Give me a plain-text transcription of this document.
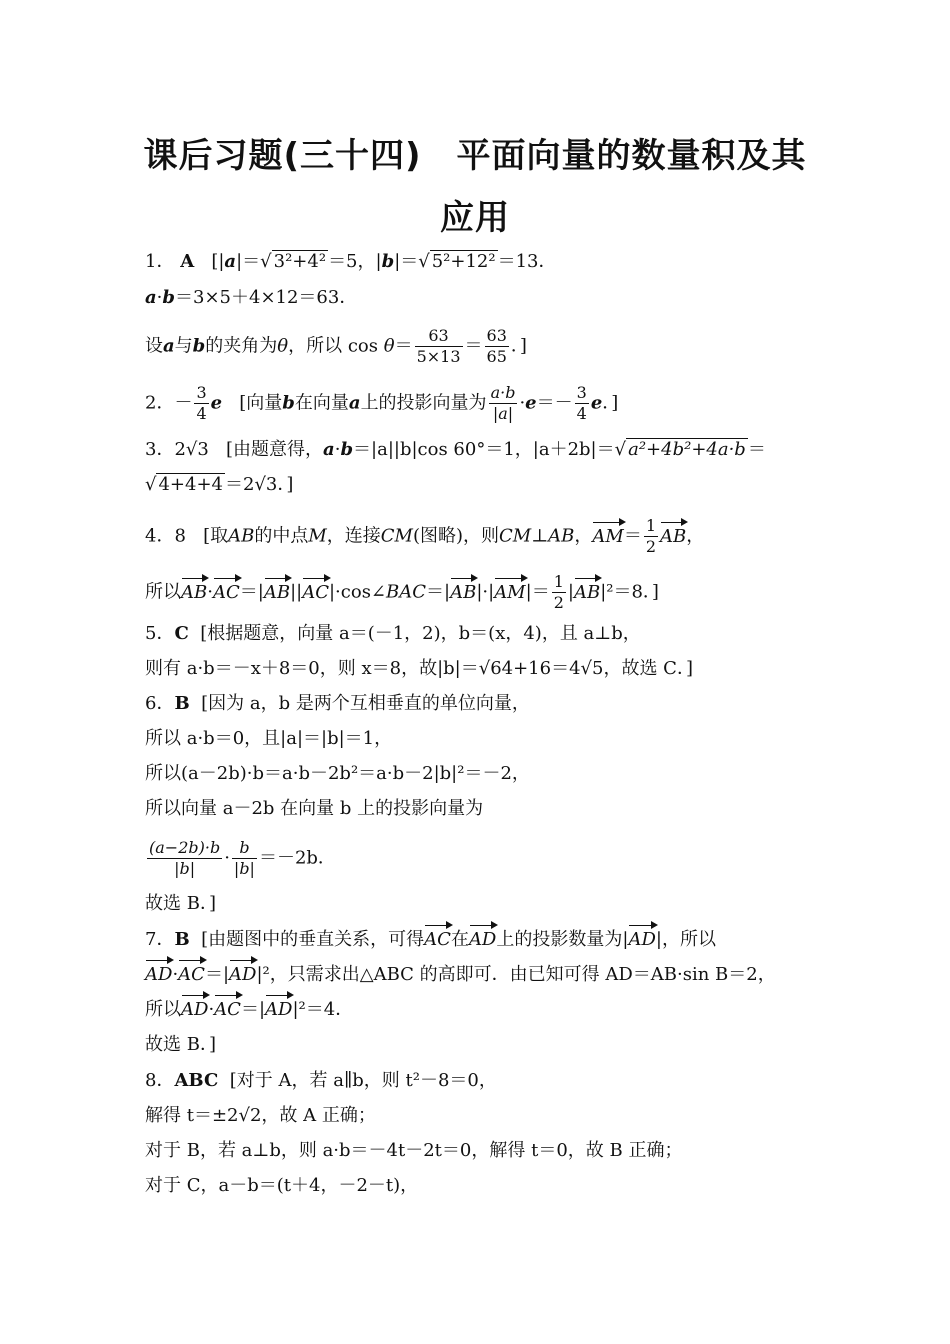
课后习题(三十四)　平面向量的数量积及其
应用
1． A [|a|＝√ 3²+4² ＝5，|b|＝√ 5²+12² ＝13．
a·b＝3×5＋4×12＝63．
设a与b的夹角为θ，所以 $\cos \theta= \frac{63}{5\times 13} = \frac{63}{65}$ ．]
2．－ $\frac{3}{4}$ e [向量b在向量a上的投影向量为 $\frac{a\cdot b}{|a|} \cdot e=- \frac{3}{4}$ e．]
3．2√3 [由题意得，a·b＝|a||b|cos 60°＝1，|a＋2b|＝√ a²+4b²+4a·b ＝
√ 4+4+4 ＝2√3．]
4．8 [取AB的中点M，连接CM(图略)，则CM⊥AB，$AM= \frac{1}{2}$ AB，
所以AB·AC＝|AB||AC|·cos∠BAC＝|AB|·|AM|＝ $\frac{1}{2} |AB|^2=8$．]
5．C [根据题意，向量 a＝(－1，2)，b＝(x，4)，且 a⊥b，
则有 a·b＝－x＋8＝0，则 x＝8，故|b|＝√64+16＝4√5，故选 C．]
6．B [因为 a，b 是两个互相垂直的单位向量，
所以 a·b＝0，且|a|＝|b|＝1，
所以(a－2b)·b＝a·b－2b²＝a·b－2|b|²＝－2，
所以向量 a－2b 在向量 b 上的投影向量为
$\frac{(a-2b)\cdot b}{|b|} \cdot \frac{b}{|b|} =-2b$．
故选 B．]
7．B [由题图中的垂直关系，可得AC在AD上的投影数量为|AD|，所以
AD·AC＝|AD|²，只需求出△ABC 的高即可．由已知可得 AD＝AB·sin B＝2，
所以AD·AC＝|AD|²＝4．
故选 B．]
8．ABC [对于 A，若 a∥b，则 t²－8＝0，
解得 t＝±2√2，故 A 正确；
对于 B，若 a⊥b，则 a·b＝－4t－2t＝0，解得 t＝0，故 B 正确；
对于 C，a－b＝(t＋4，－2－t)，
